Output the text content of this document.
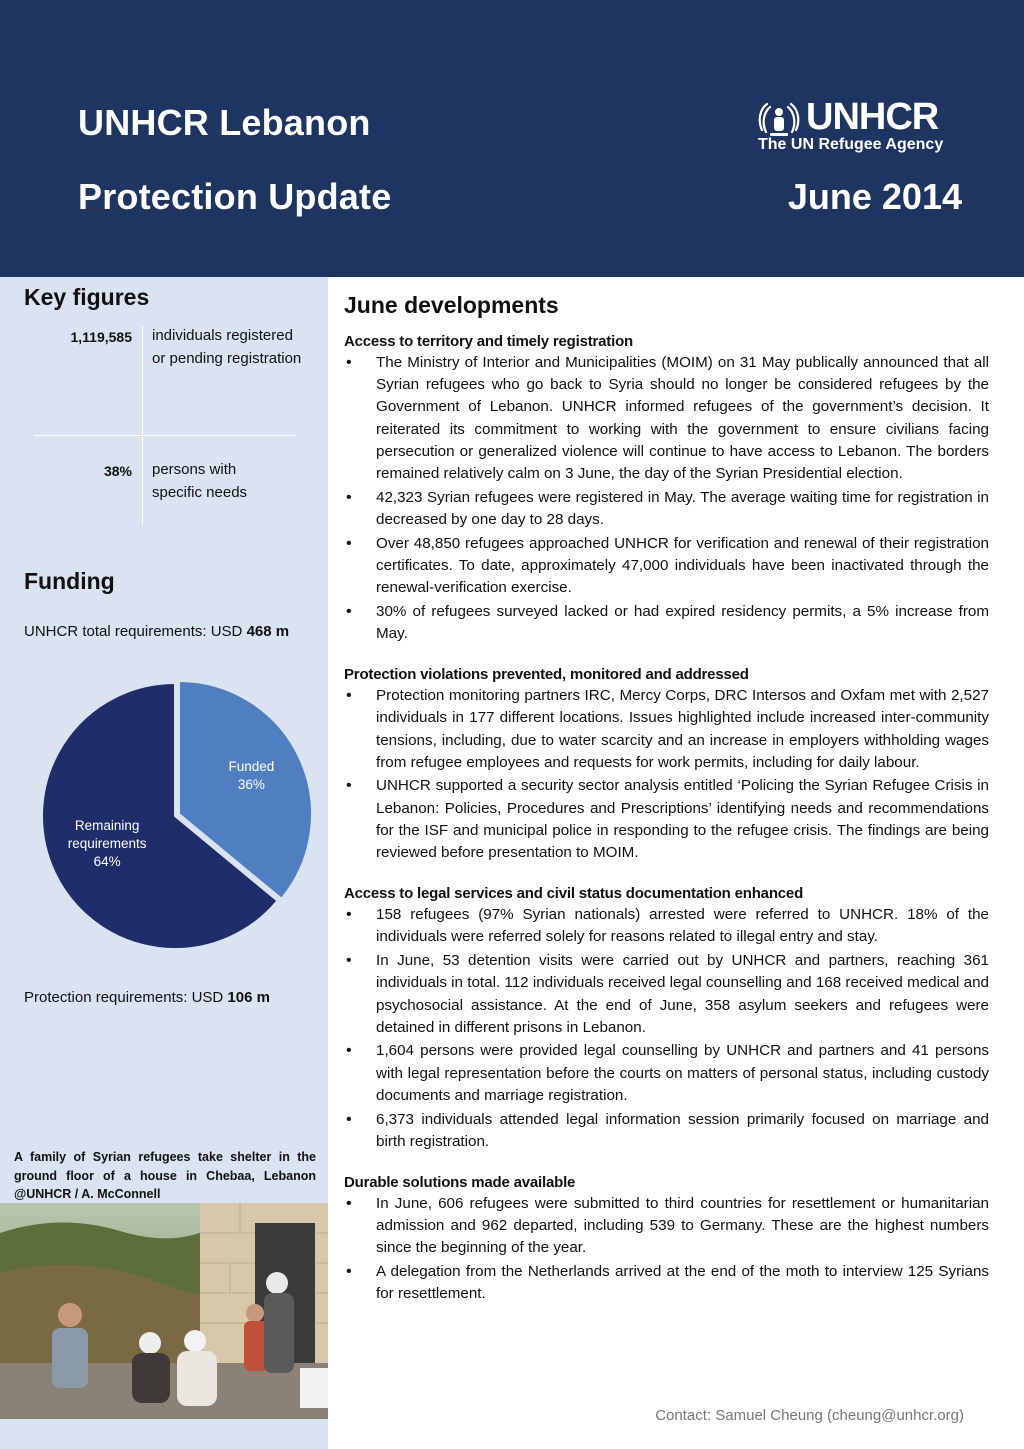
UNHCR Lebanon
Protection Update	June 2014
UNHCR
The UN Refugee Agency
Key figures
1,119,585 individuals registered or pending registration
38% persons with specific needs
Funding
UNHCR total requirements: USD 468 m
Funded
36%
Remaining
requirements
64%
Protection requirements: USD 106 m
A family of Syrian refugees take shelter in the ground floor of a house in Chebaa, Lebanon @UNHCR / A. McConnell
June developments
Access to territory and timely registration
• The Ministry of Interior and Municipalities (MOIM) on 31 May publically announced that all Syrian refugees who go back to Syria should no longer be considered refugees by the Government of Lebanon. UNHCR informed refugees of the government’s decision. It reiterated its commitment to working with the government to ensure civilians facing persecution or generalized violence will continue to have access to Lebanon. The borders remained relatively calm on 3 June, the day of the Syrian Presidential election.
• 42,323 Syrian refugees were registered in May. The average waiting time for registration in decreased by one day to 28 days.
• Over 48,850 refugees approached UNHCR for verification and renewal of their registration certificates. To date, approximately 47,000 individuals have been inactivated through the renewal-verification exercise.
• 30% of refugees surveyed lacked or had expired residency permits, a 5% increase from May.
Protection violations prevented, monitored and addressed
• Protection monitoring partners IRC, Mercy Corps, DRC Intersos and Oxfam met with 2,527 individuals in 177 different locations. Issues highlighted include increased inter-community tensions, including, due to water scarcity and an increase in employers withholding wages from refugee employees and requests for work permits, including for daily labour.
• UNHCR supported a security sector analysis entitled ‘Policing the Syrian Refugee Crisis in Lebanon: Policies, Procedures and Prescriptions’ identifying needs and recommendations for the ISF and municipal police in responding to the refugee crisis. The findings are being reviewed before presentation to MOIM.
Access to legal services and civil status documentation enhanced
• 158 refugees (97% Syrian nationals) arrested were referred to UNHCR. 18% of the individuals were referred solely for reasons related to illegal entry and stay.
• In June, 53 detention visits were carried out by UNHCR and partners, reaching 361 individuals in total. 112 individuals received legal counselling and 168 received medical and psychosocial assistance. At the end of June, 358 asylum seekers and refugees were detained in different prisons in Lebanon.
• 1,604 persons were provided legal counselling by UNHCR and partners and 41 persons with legal representation before the courts on matters of personal status, including custody documents and marriage registration.
• 6,373 individuals attended legal information session primarily focused on marriage and birth registration.
Durable solutions made available
• In June, 606 refugees were submitted to third countries for resettlement or humanitarian admission and 962 departed, including 539 to Germany. These are the highest numbers since the beginning of the year.
• A delegation from the Netherlands arrived at the end of the moth to interview 125 Syrians for resettlement.
Contact: Samuel Cheung (cheung@unhcr.org)
